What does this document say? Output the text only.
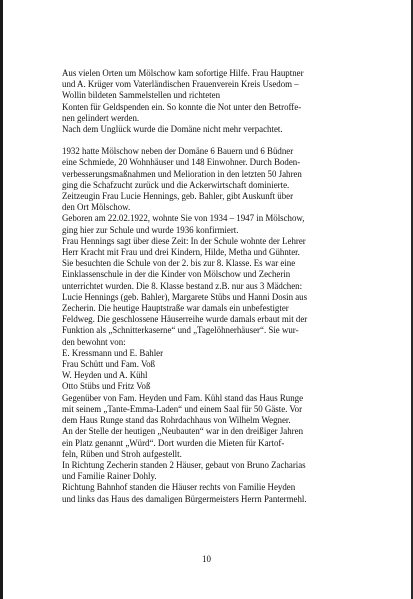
Aus vielen Orten um Mölschow kam sofortige Hilfe. Frau Hauptner
und A. Krüger vom Vaterländischen Frauenverein Kreis Usedom –
Wollin bildeten Sammelstellen und richteten
Konten für Geldspenden ein. So konnte die Not unter den Betroffe-
nen gelindert werden.
Nach dem Unglück wurde die Domäne nicht mehr verpachtet.
1932 hatte Mölschow neben der Domäne 6 Bauern und 6 Büdner
eine Schmiede, 20 Wohnhäuser und 148 Einwohner. Durch Boden-
verbesserungsmaßnahmen und Melioration in den letzten 50 Jahren
ging die Schafzucht zurück und die Ackerwirtschaft dominierte.
Zeitzeugin Frau Lucie Hennings, geb. Bahler, gibt Auskunft über
den Ort Mölschow.
Geboren am 22.02.1922, wohnte Sie von 1934 – 1947 in Mölschow,
ging hier zur Schule und wurde 1936 konfirmiert.
Frau Hennings sagt über diese Zeit: In der Schule wohnte der Lehrer
Herr Kracht mit Frau und drei Kindern, Hilde, Metha und Gühnter.
Sie besuchten die Schule von der 2. bis zur 8. Klasse. Es war eine
Einklassenschule in der die Kinder von Mölschow und Zecherin
unterrichtet wurden. Die 8. Klasse bestand z.B. nur aus 3 Mädchen:
Lucie Hennings (geb. Bahler), Margarete Stübs und Hanni Dosin aus
Zecherin. Die heutige Hauptstraße war damals ein unbefestigter
Feldweg. Die geschlossene Häuserreihe wurde damals erbaut mit der
Funktion als „Schnitterkaserne“ und „Tagelöhnerhäuser“. Sie wur-
den bewohnt von:
E. Kressmann und E. Bahler
Frau Schütt und Fam. Voß
W. Heyden und A. Kühl
Otto Stübs und Fritz Voß
Gegenüber von Fam. Heyden und Fam. Kühl stand das Haus Runge
mit seinem „Tante-Emma-Laden“ und einem Saal für 50 Gäste. Vor
dem Haus Runge stand das Rohrdachhaus von Wilhelm Wegner.
An der Stelle der heutigen „Neubauten“ war in den dreißiger Jahren
ein Platz genannt „Würd“. Dort wurden die Mieten für Kartof-
feln, Rüben und Stroh aufgestellt.
In Richtung Zecherin standen 2 Häuser, gebaut von Bruno Zacharias
und Familie Rainer Dohly.
Richtung Bahnhof standen die Häuser rechts von Familie Heyden
und links das Haus des damaligen Bürgermeisters Herrn Pantermehl.
10
